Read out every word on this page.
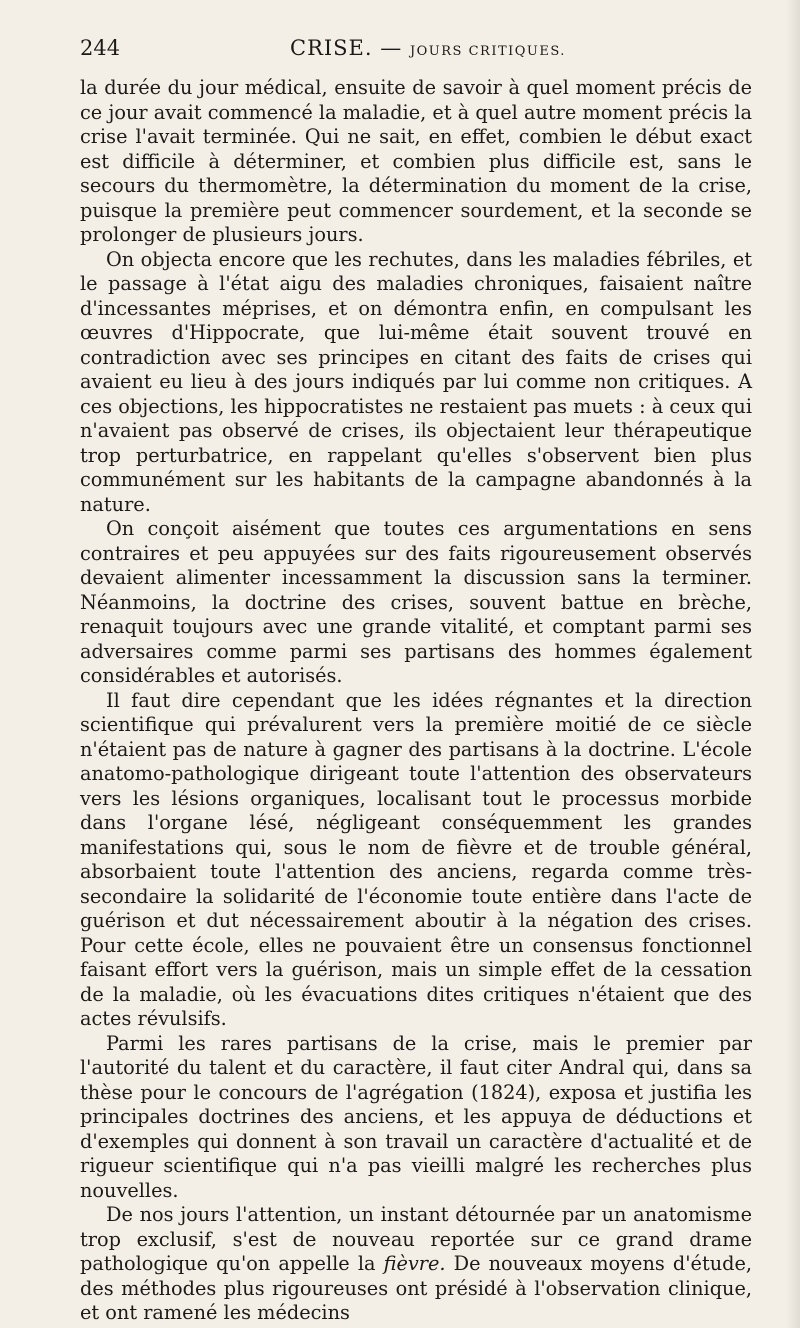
244	CRISE. — JOURS CRITIQUES.

la durée du jour médical, ensuite de savoir à quel moment précis de ce jour avait commencé la maladie, et à quel autre moment précis la crise l'avait terminée. Qui ne sait, en effet, combien le début exact est difficile à déterminer, et combien plus difficile est, sans le secours du thermomètre, la détermination du moment de la crise, puisque la première peut commencer sourdement, et la seconde se prolonger de plusieurs jours.

On objecta encore que les rechutes, dans les maladies fébriles, et le passage à l'état aigu des maladies chroniques, faisaient naître d'incessantes méprises, et on démontra enfin, en compulsant les œuvres d'Hippocrate, que lui-même était souvent trouvé en contradiction avec ses principes en citant des faits de crises qui avaient eu lieu à des jours indiqués par lui comme non critiques. A ces objections, les hippocratistes ne restaient pas muets : à ceux qui n'avaient pas observé de crises, ils objectaient leur thérapeutique trop perturbatrice, en rappelant qu'elles s'observent bien plus communément sur les habitants de la campagne abandonnés à la nature.

On conçoit aisément que toutes ces argumentations en sens contraires et peu appuyées sur des faits rigoureusement observés devaient alimenter incessamment la discussion sans la terminer. Néanmoins, la doctrine des crises, souvent battue en brèche, renaquit toujours avec une grande vitalité, et comptant parmi ses adversaires comme parmi ses partisans des hommes également considérables et autorisés.

Il faut dire cependant que les idées régnantes et la direction scientifique qui prévalurent vers la première moitié de ce siècle n'étaient pas de nature à gagner des partisans à la doctrine. L'école anatomo-pathologique dirigeant toute l'attention des observateurs vers les lésions organiques, localisant tout le processus morbide dans l'organe lésé, négligeant conséquemment les grandes manifestations qui, sous le nom de fièvre et de trouble général, absorbaient toute l'attention des anciens, regarda comme très-secondaire la solidarité de l'économie toute entière dans l'acte de guérison et dut nécessairement aboutir à la négation des crises. Pour cette école, elles ne pouvaient être un consensus fonctionnel faisant effort vers la guérison, mais un simple effet de la cessation de la maladie, où les évacuations dites critiques n'étaient que des actes révulsifs.

Parmi les rares partisans de la crise, mais le premier par l'autorité du talent et du caractère, il faut citer Andral qui, dans sa thèse pour le concours de l'agrégation (1824), exposa et justifia les principales doctrines des anciens, et les appuya de déductions et d'exemples qui donnent à son travail un caractère d'actualité et de rigueur scientifique qui n'a pas vieilli malgré les recherches plus nouvelles.

De nos jours l'attention, un instant détournée par un anatomisme trop exclusif, s'est de nouveau reportée sur ce grand drame pathologique qu'on appelle la fièvre. De nouveaux moyens d'étude, des méthodes plus rigoureuses ont présidé à l'observation clinique, et ont ramené les médecins
